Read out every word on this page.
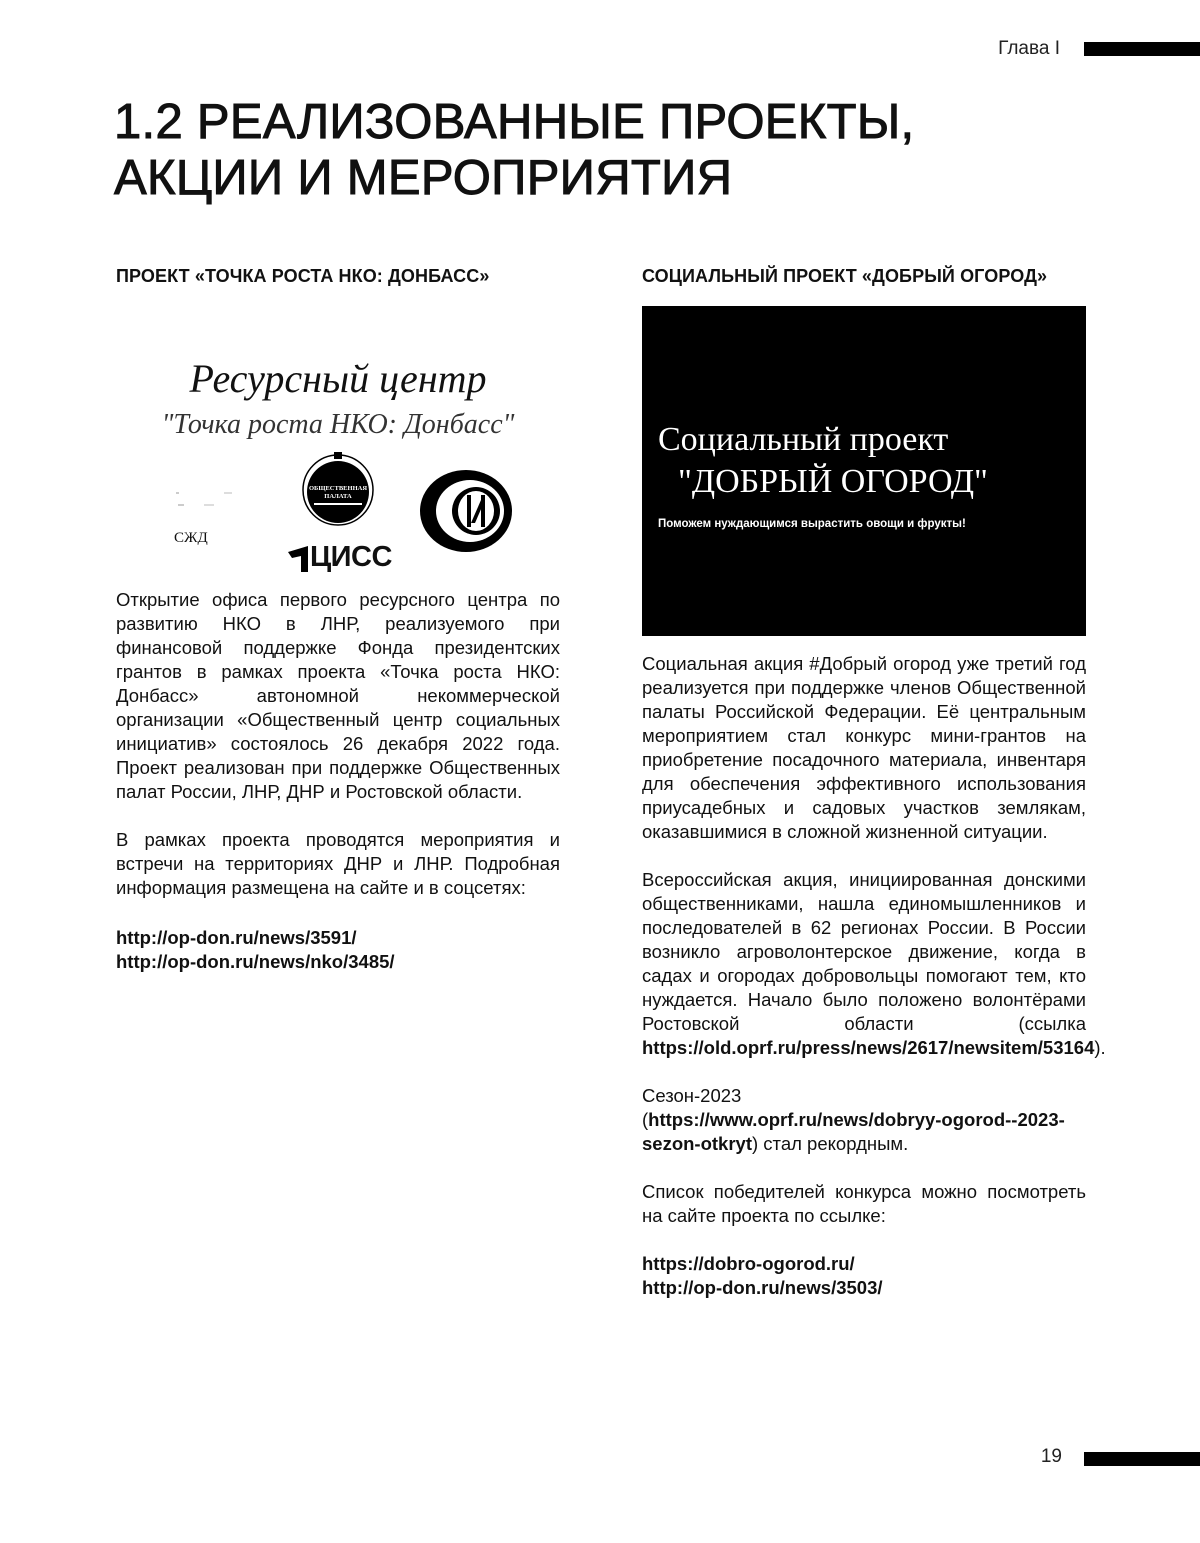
Глава I
1.2 РЕАЛИЗОВАННЫЕ ПРОЕКТЫ,
АКЦИИ И МЕРОПРИЯТИЯ
ПРОЕКТ «ТОЧКА РОСТА НКО: ДОНБАСС»
Ресурсный центр
"Точка роста НКО: Донбасс"
СЖД
ОБЩЕСТВЕННАЯ
ПАЛАТА
ЦИСС

Открытие офиса первого ресурсного центра по развитию НКО в ЛНР, реализуемого при финансовой поддержке Фонда президентских грантов в рамках проекта «Точка роста НКО: Донбасс» автономной некоммерческой организации «Общественный центр социальных инициатив» состоялось 26 декабря 2022 года. Проект реализован при поддержке Общественных палат России, ЛНР, ДНР и Ростовской области.

В рамках проекта проводятся мероприятия и встречи на территориях ДНР и ЛНР. Подробная информация размещена на сайте и в соцсетях:

http://op-don.ru/news/3591/
http://op-don.ru/news/nko/3485/
СОЦИАЛЬНЫЙ ПРОЕКТ «ДОБРЫЙ ОГОРОД»
Социальный проект
"ДОБРЫЙ ОГОРОД"
Поможем нуждающимся вырастить овощи и фрукты!

Социальная акция #Добрый огород уже третий год реализуется при поддержке членов Общественной палаты Российской Федерации. Её центральным мероприятием стал конкурс мини-грантов на приобретение посадочного материала, инвентаря для обеспечения эффективного использования приусадебных и садовых участков землякам, оказавшимися в сложной жизненной ситуации.

Всероссийская акция, инициированная донскими общественниками, нашла единомышленников и последователей в 62 регионах России. В России возникло агроволонтерское движение, когда в садах и огородах добровольцы помогают тем, кто нуждается. Начало было положено волонтёрами Ростовской области (ссылка https://old.oprf.ru/press/news/2617/newsitem/53164).

Сезон-2023
(https://www.oprf.ru/news/dobryy-ogorod--2023-sezon-otkryt) стал рекордным.

Список победителей конкурса можно посмотреть на сайте проекта по ссылке:

https://dobro-ogorod.ru/
http://op-don.ru/news/3503/
19
